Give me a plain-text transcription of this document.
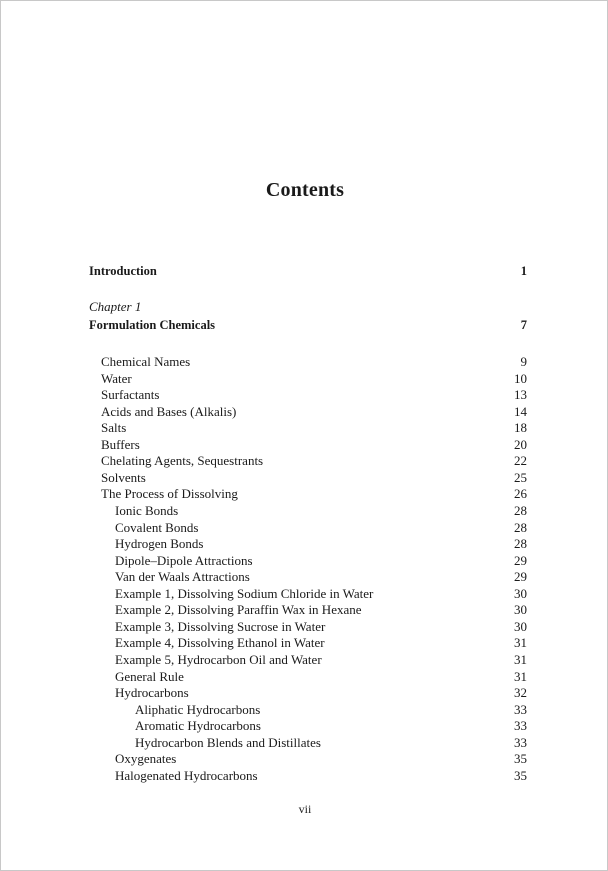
Contents
Introduction	1
Chapter 1
Formulation Chemicals	7
Chemical Names	9
Water	10
Surfactants	13
Acids and Bases (Alkalis)	14
Salts	18
Buffers	20
Chelating Agents, Sequestrants	22
Solvents	25
The Process of Dissolving	26
Ionic Bonds	28
Covalent Bonds	28
Hydrogen Bonds	28
Dipole–Dipole Attractions	29
Van der Waals Attractions	29
Example 1, Dissolving Sodium Chloride in Water	30
Example 2, Dissolving Paraffin Wax in Hexane	30
Example 3, Dissolving Sucrose in Water	30
Example 4, Dissolving Ethanol in Water	31
Example 5, Hydrocarbon Oil and Water	31
General Rule	31
Hydrocarbons	32
Aliphatic Hydrocarbons	33
Aromatic Hydrocarbons	33
Hydrocarbon Blends and Distillates	33
Oxygenates	35
Halogenated Hydrocarbons	35
vii
